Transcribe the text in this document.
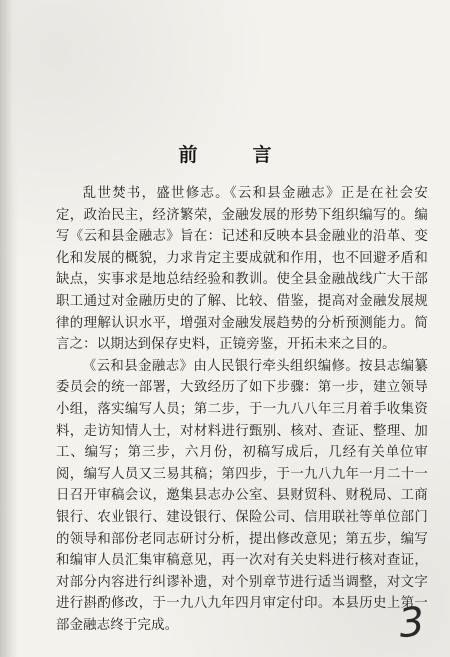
前　言

乱世焚书，盛世修志。《云和县金融志》正是在社会安定，政治民主，经济繁荣，金融发展的形势下组织编写的。编写《云和县金融志》旨在：记述和反映本县金融业的沿革、变化和发展的概貌，力求肯定主要成就和作用，也不回避矛盾和缺点，实事求是地总结经验和教训。使全县金融战线广大干部职工通过对金融历史的了解、比较、借鉴，提高对金融发展规律的理解认识水平，增强对金融发展趋势的分析预测能力。简言之：以期达到保存史料，正镜旁鉴，开拓未来之目的。

《云和县金融志》由人民银行牵头组织编修。按县志编纂委员会的统一部署，大致经历了如下步骤：第一步，建立领导小组，落实编写人员；第二步，于一九八八年三月着手收集资料，走访知情人士，对材料进行甄别、核对、查证、整理、加工、编写；第三步，六月份，初稿写成后，几经有关单位审阅，编写人员又三易其稿；第四步，于一九八九年一月二十一日召开审稿会议，邀集县志办公室、县财贸科、财税局、工商银行、农业银行、建设银行、保险公司、信用联社等单位部门的领导和部份老同志研讨分析，提出修改意见；第五步，编写和编审人员汇集审稿意见，再一次对有关史料进行核对查证，对部分内容进行纠谬补遗，对个别章节进行适当调整，对文字进行斟酌修改，于一九八九年四月审定付印。本县历史上第一部金融志终于完成。	3
